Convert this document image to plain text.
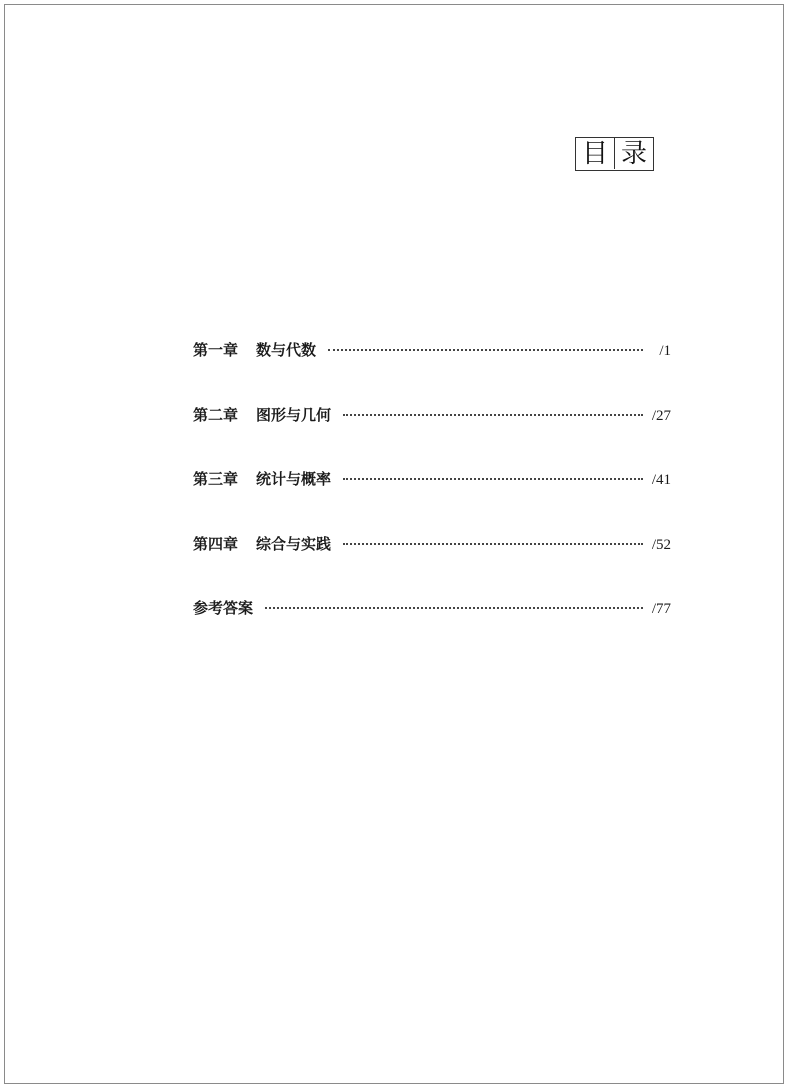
目 录
第一章 数与代数	/1
第二章 图形与几何	/27
第三章 统计与概率	/41
第四章 综合与实践	/52
参考答案	/77
